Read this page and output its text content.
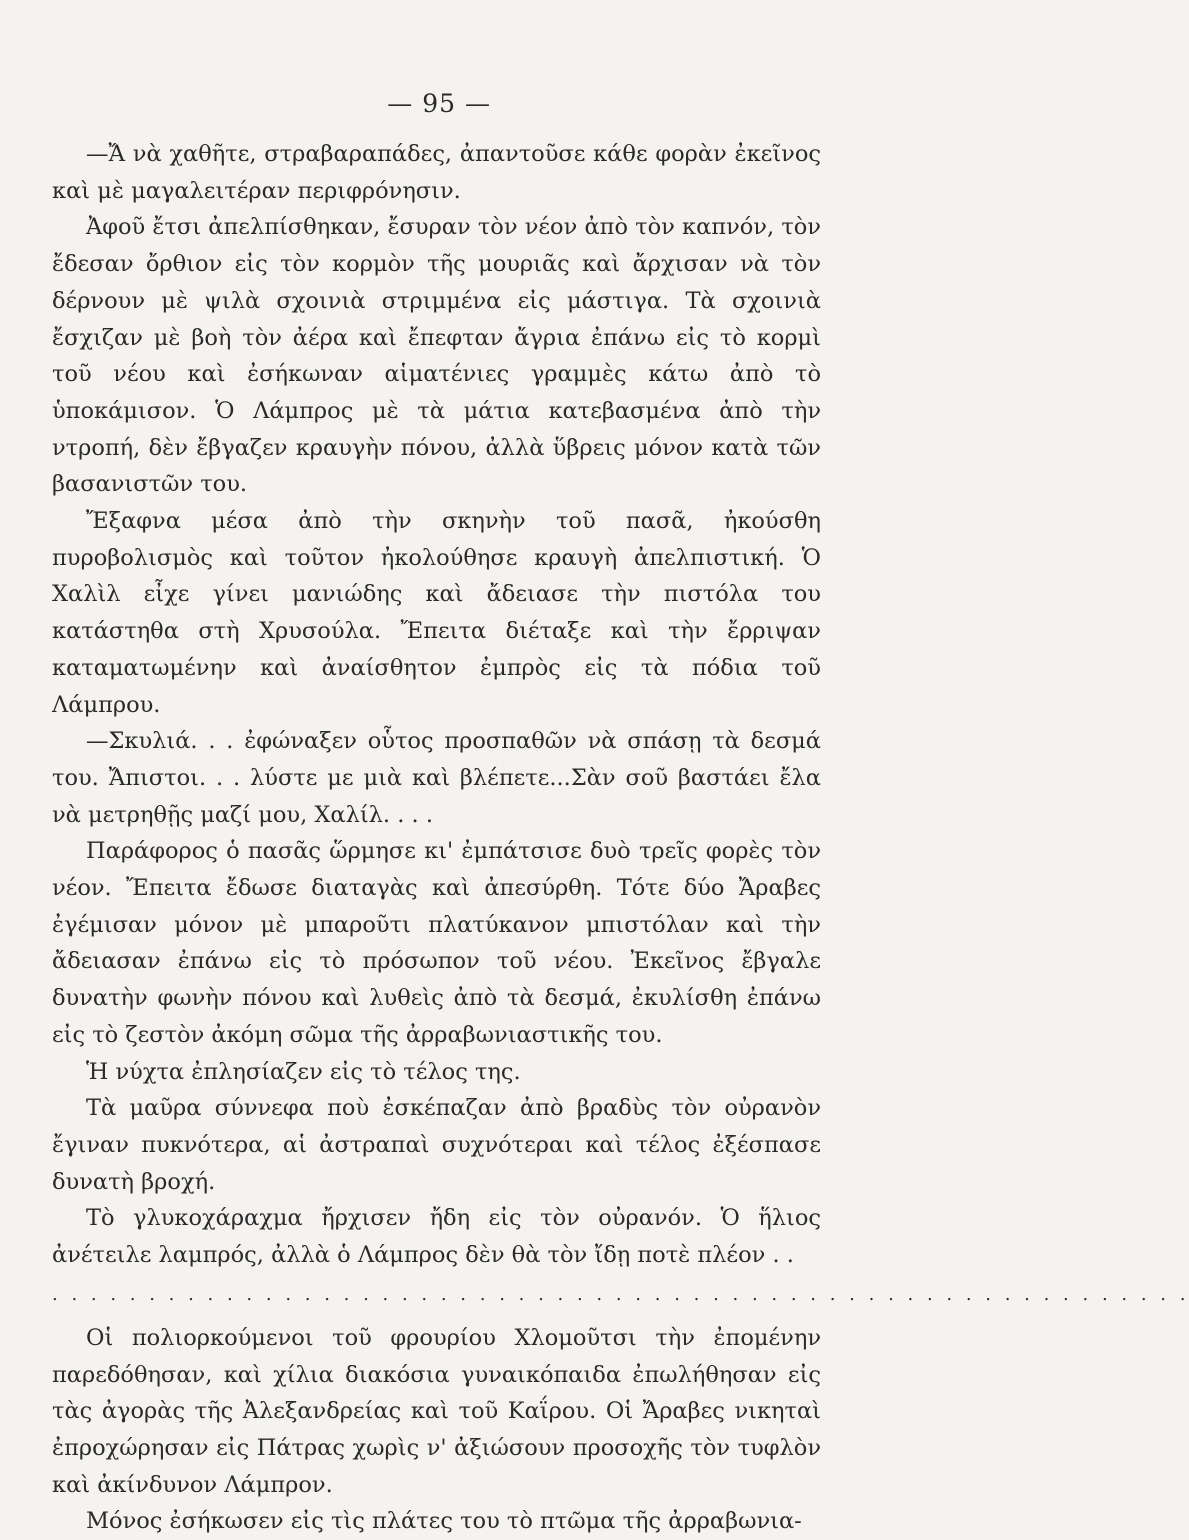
— 95 —

—Ἄ νὰ χαθῆτε, στραβαραπάδες, ἀπαντοῦσε κάθε φορὰν ἐκεῖνος καὶ μὲ μαγαλειτέραν περιφρόνησιν.

Ἀφοῦ ἔτσι ἀπελπίσθηκαν, ἔσυραν τὸν νέον ἀπὸ τὸν καπνόν, τὸν ἔδεσαν ὄρθιον εἰς τὸν κορμὸν τῆς μουριᾶς καὶ ἄρχισαν νὰ τὸν δέρνουν μὲ ψιλὰ σχοινιὰ στριμμένα εἰς μάστιγα. Τὰ σχοινιὰ ἔσχιζαν μὲ βοὴ τὸν ἀέρα καὶ ἔπεφταν ἄγρια ἐπάνω εἰς τὸ κορμὶ τοῦ νέου καὶ ἐσήκωναν αἱματένιες γραμμὲς κάτω ἀπὸ τὸ ὑποκάμισον. Ὁ Λάμπρος μὲ τὰ μάτια κατεβασμένα ἀπὸ τὴν ντροπή, δὲν ἔβγαζεν κραυγὴν πόνου, ἀλλὰ ὕβρεις μόνον κατὰ τῶν βασανιστῶν του.

Ἔξαφνα μέσα ἀπὸ τὴν σκηνὴν τοῦ πασᾶ, ἠκούσθη πυροβολισμὸς καὶ τοῦτον ἠκολούθησε κραυγὴ ἀπελπιστική. Ὁ Χαλὶλ εἶχε γίνει μανιώδης καὶ ἄδειασε τὴν πιστόλα του κατάστηθα στὴ Χρυσούλα. Ἔπειτα διέταξε καὶ τὴν ἔρριψαν καταματωμένην καὶ ἀναίσθητον ἐμπρὸς εἰς τὰ πόδια τοῦ Λάμπρου.

—Σκυλιά. . . ἐφώναξεν οὗτος προσπαθῶν νὰ σπάσῃ τὰ δεσμά του. Ἄπιστοι. . . λύστε με μιὰ καὶ βλέπετε...Σὰν σοῦ βαστάει ἔλα νὰ μετρηθῇς μαζί μου, Χαλίλ. . . .

Παράφορος ὁ πασᾶς ὥρμησε κι' ἐμπάτσισε δυὸ τρεῖς φορὲς τὸν νέον. Ἔπειτα ἔδωσε διαταγὰς καὶ ἀπεσύρθη. Τότε δύο Ἄραβες ἐγέμισαν μόνον μὲ μπαροῦτι πλατύκανον μπιστόλαν καὶ τὴν ἄδειασαν ἐπάνω εἰς τὸ πρόσωπον τοῦ νέου. Ἐκεῖνος ἔβγαλε δυνατὴν φωνὴν πόνου καὶ λυθεὶς ἀπὸ τὰ δεσμά, ἐκυλίσθη ἐπάνω εἰς τὸ ζεστὸν ἀκόμη σῶμα τῆς ἀρραβωνιαστικῆς του.

Ἡ νύχτα ἐπλησίαζεν εἰς τὸ τέλος της.

Τὰ μαῦρα σύννεφα ποὺ ἐσκέπαζαν ἀπὸ βραδὺς τὸν οὐρανὸν ἔγιναν πυκνότερα, αἱ ἀστραπαὶ συχνότεραι καὶ τέλος ἐξέσπασε δυνατὴ βροχή.

Τὸ γλυκοχάραχμα ἤρχισεν ἤδη εἰς τὸν οὐρανόν. Ὁ ἥλιος ἀνέτειλε λαμπρός, ἀλλὰ ὁ Λάμπρος δὲν θὰ τὸν ἴδῃ ποτὲ πλέον . .

. . . . . . . . . . . . . . . . . . . . . . . . . . . . . . . . . . . . . . . . . . . . . . . . . . . . . . . . . . .

Οἱ πολιορκούμενοι τοῦ φρουρίου Χλομοῦτσι τὴν ἐπομένην παρεδόθησαν, καὶ χίλια διακόσια γυναικόπαιδα ἐπωλήθησαν εἰς τὰς ἀγορὰς τῆς Ἀλεξανδρείας καὶ τοῦ Καΐρου. Οἱ Ἄραβες νικηταὶ ἐπροχώρησαν εἰς Πάτρας χωρὶς ν' ἀξιώσουν προσοχῆς τὸν τυφλὸν καὶ ἀκίνδυνον Λάμπρον.

Μόνος ἐσήκωσεν εἰς τὶς πλάτες του τὸ πτῶμα τῆς ἀρραβωνια-
